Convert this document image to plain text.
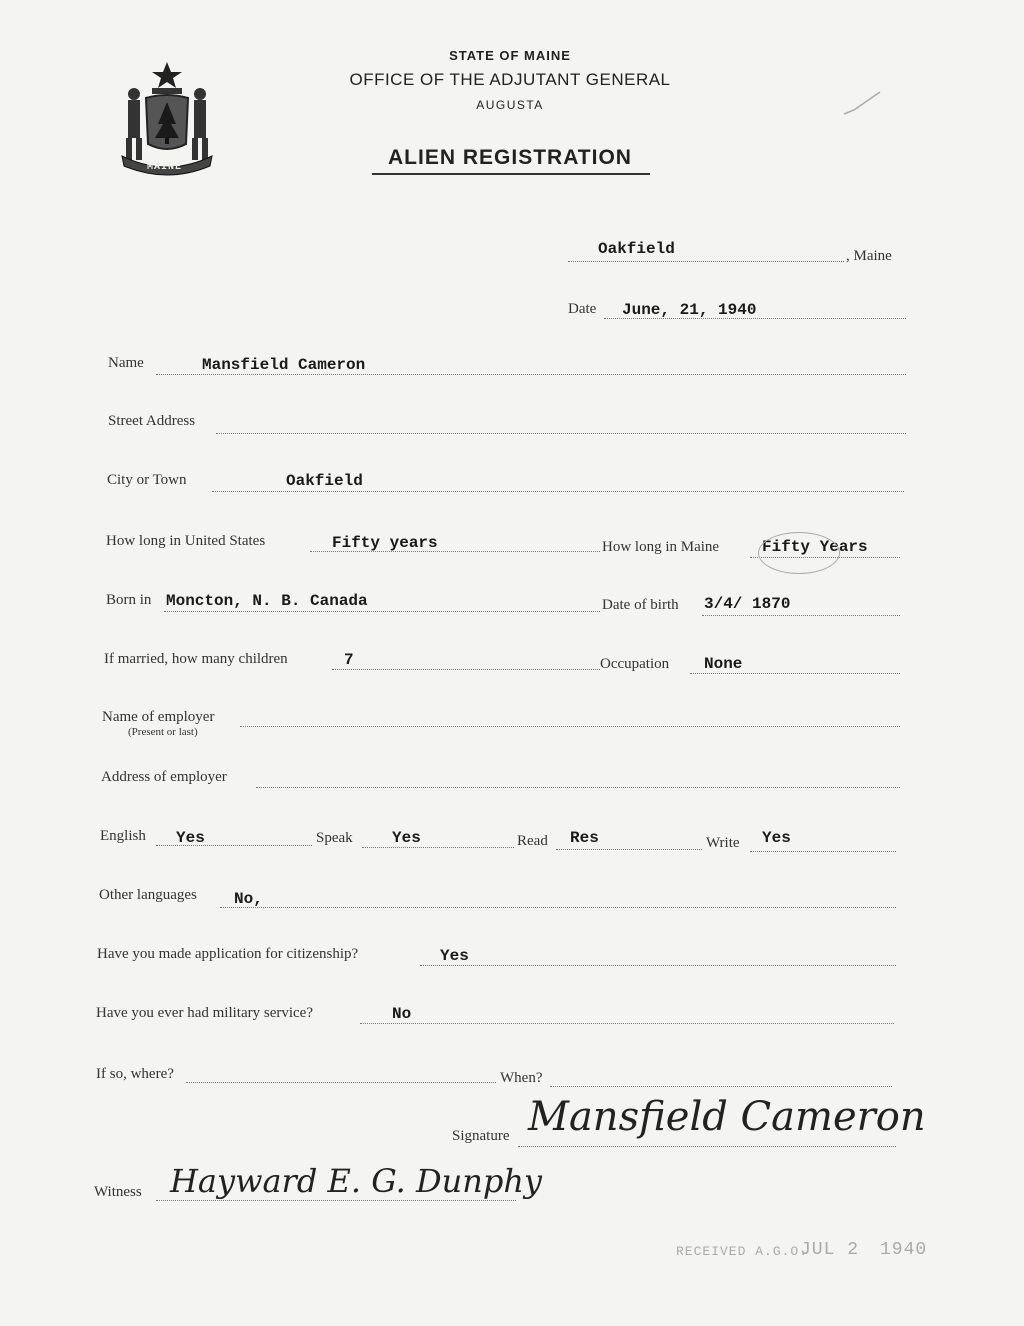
MAINE
STATE OF MAINE
OFFICE OF THE ADJUTANT GENERAL
AUGUSTA
ALIEN REGISTRATION
Oakfield	, Maine
Date June, 21, 1940
Name	Mansfield Cameron
Street Address
City or Town	Oakfield
How long in United States	Fifty years	How long in Maine	Fifty Years
Born in Moncton, N. B. Canada	Date of birth 3/4/ 1870
If married, how many children	7	Occupation None
Name of employer
(Present or last)
Address of employer
English Yes	Speak Yes	Read Res	Write Yes
Other languages No,
Have you made application for citizenship?	Yes
Have you ever had military service?	No
If so, where?	When?
Signature Mansfield Cameron
Witness Hayward E. G. Dunphy
RECEIVED A.G.O.
JUL 2 1940
